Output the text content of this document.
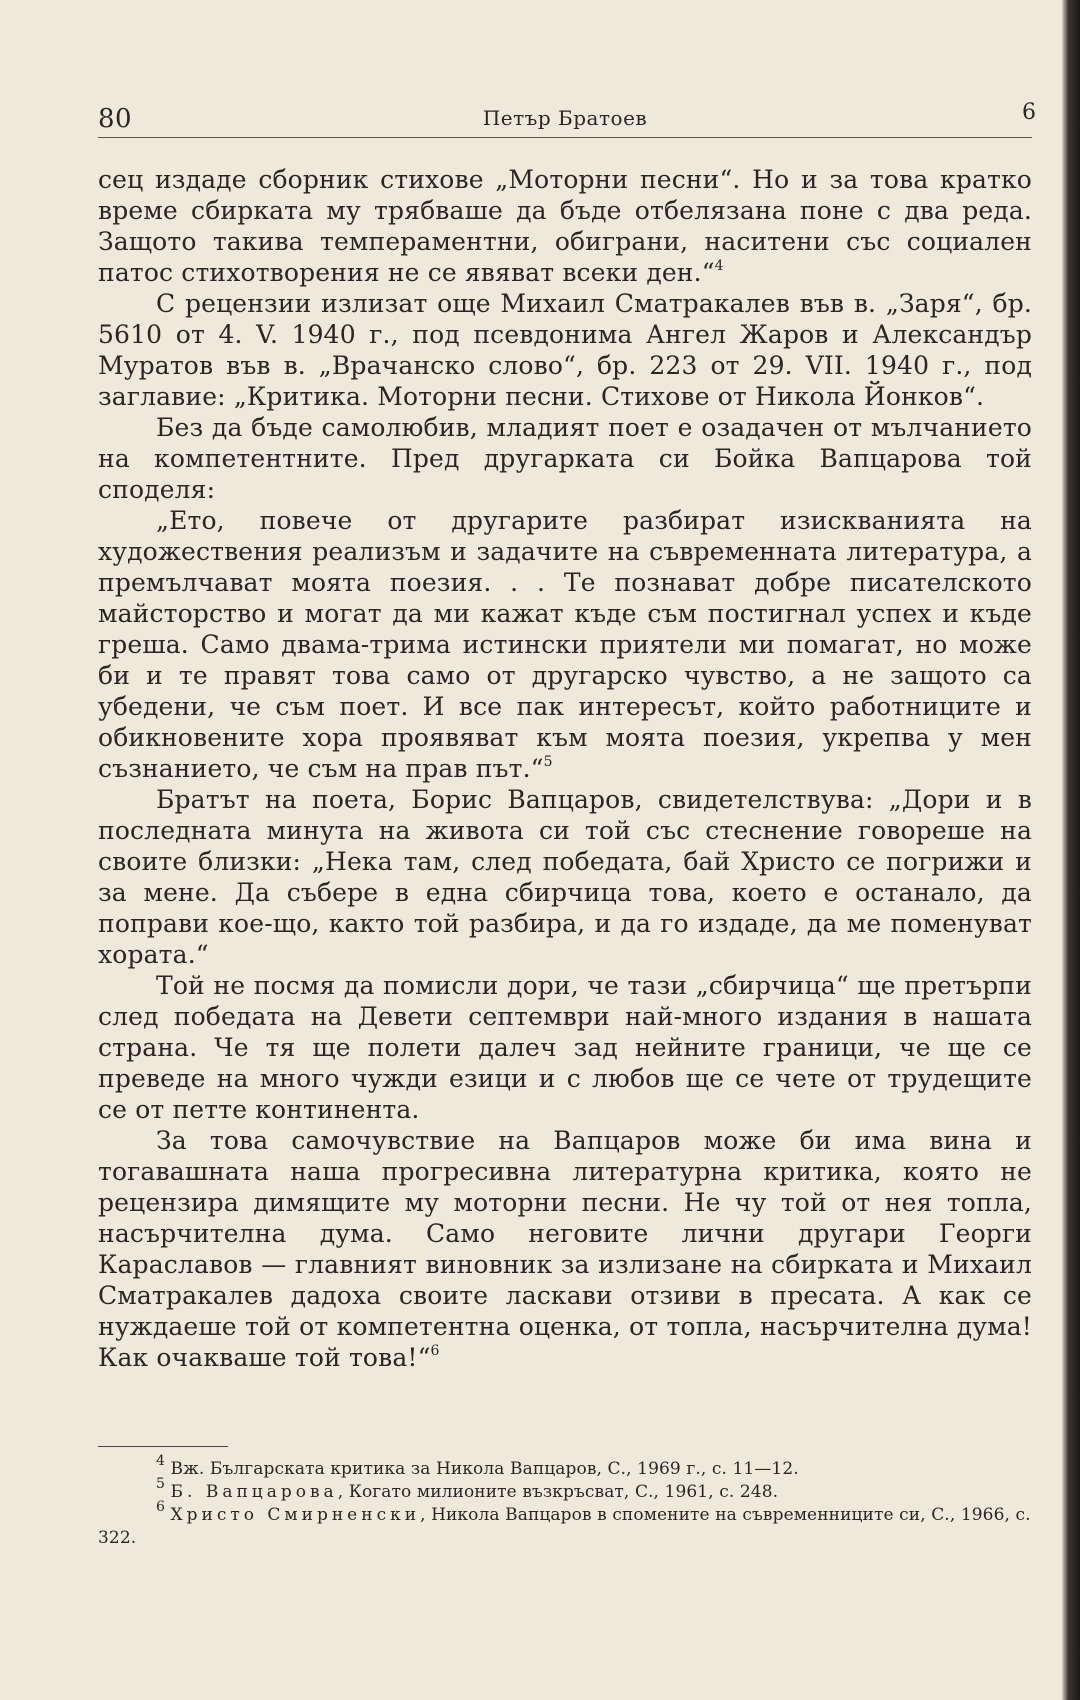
80	Петър Братоев	6

сец издаде сборник стихове „Моторни песни“. Но и за това кратко време сбирката му трябваше да бъде отбелязана поне с два реда. Защото такива темпераментни, обиграни, наситени със социален патос стихотворения не се явяват всеки ден.“$^4$

С рецензии излизат още Михаил Сматракалев във в. „Заря“, бр. 5610 от 4. V. 1940 г., под псевдонима Ангел Жаров и Александър Муратов във в. „Врачанско слово“, бр. 223 от 29. VII. 1940 г., под заглавие: „Критика. Моторни песни. Стихове от Никола Йонков“.

Без да бъде самолюбив, младият поет е озадачен от мълчанието на компетентните. Пред другарката си Бойка Вапцарова той споделя:

„Ето, повече от другарите разбират изискванията на художествения реализъм и задачите на съвременната литература, а премълчават моята поезия. . . Те познават добре писателското майсторство и могат да ми кажат къде съм постигнал успех и къде греша. Само двама-трима истински приятели ми помагат, но може би и те правят това само от другарско чувство, а не защото са убедени, че съм поет. И все пак интересът, който работниците и обикновените хора проявяват към моята поезия, укрепва у мен съзнанието, че съм на прав път.“$^5$

Братът на поета, Борис Вапцаров, свидетелствува: „Дори и в последната минута на живота си той със стеснение говореше на своите близки: „Нека там, след победата, бай Христо се погрижи и за мене. Да събере в една сбирчица това, което е останало, да поправи кое-що, както той разбира, и да го издаде, да ме поменуват хората.“

Той не посмя да помисли дори, че тази „сбирчица“ ще претърпи след победата на Девети септември най-много издания в нашата страна. Че тя ще полети далеч зад нейните граници, че ще се преведе на много чужди езици и с любов ще се чете от трудещите се от петте континента.

За това самочувствие на Вапцаров може би има вина и тогавашната наша прогресивна литературна критика, която не рецензира димящите му моторни песни. Не чу той от нея топла, насърчителна дума. Само неговите лични другари Георги Караславов — главният виновник за излизане на сбирката и Михаил Сматракалев дадоха своите ласкави отзиви в пресата. А как се нуждаеше той от компетентна оценка, от топла, насърчителна дума! Как очакваше той това!“$^6$

$^4$ Вж. Българската критика за Никола Вапцаров, С., 1969 г., с. 11—12.

$^5$ Б. Вапцарова, Когато милионите възкръсват, С., 1961, с. 248.

$^6$ Христо Смирненски, Никола Вапцаров в спомените на съвременниците си, С., 1966, с. 322.
